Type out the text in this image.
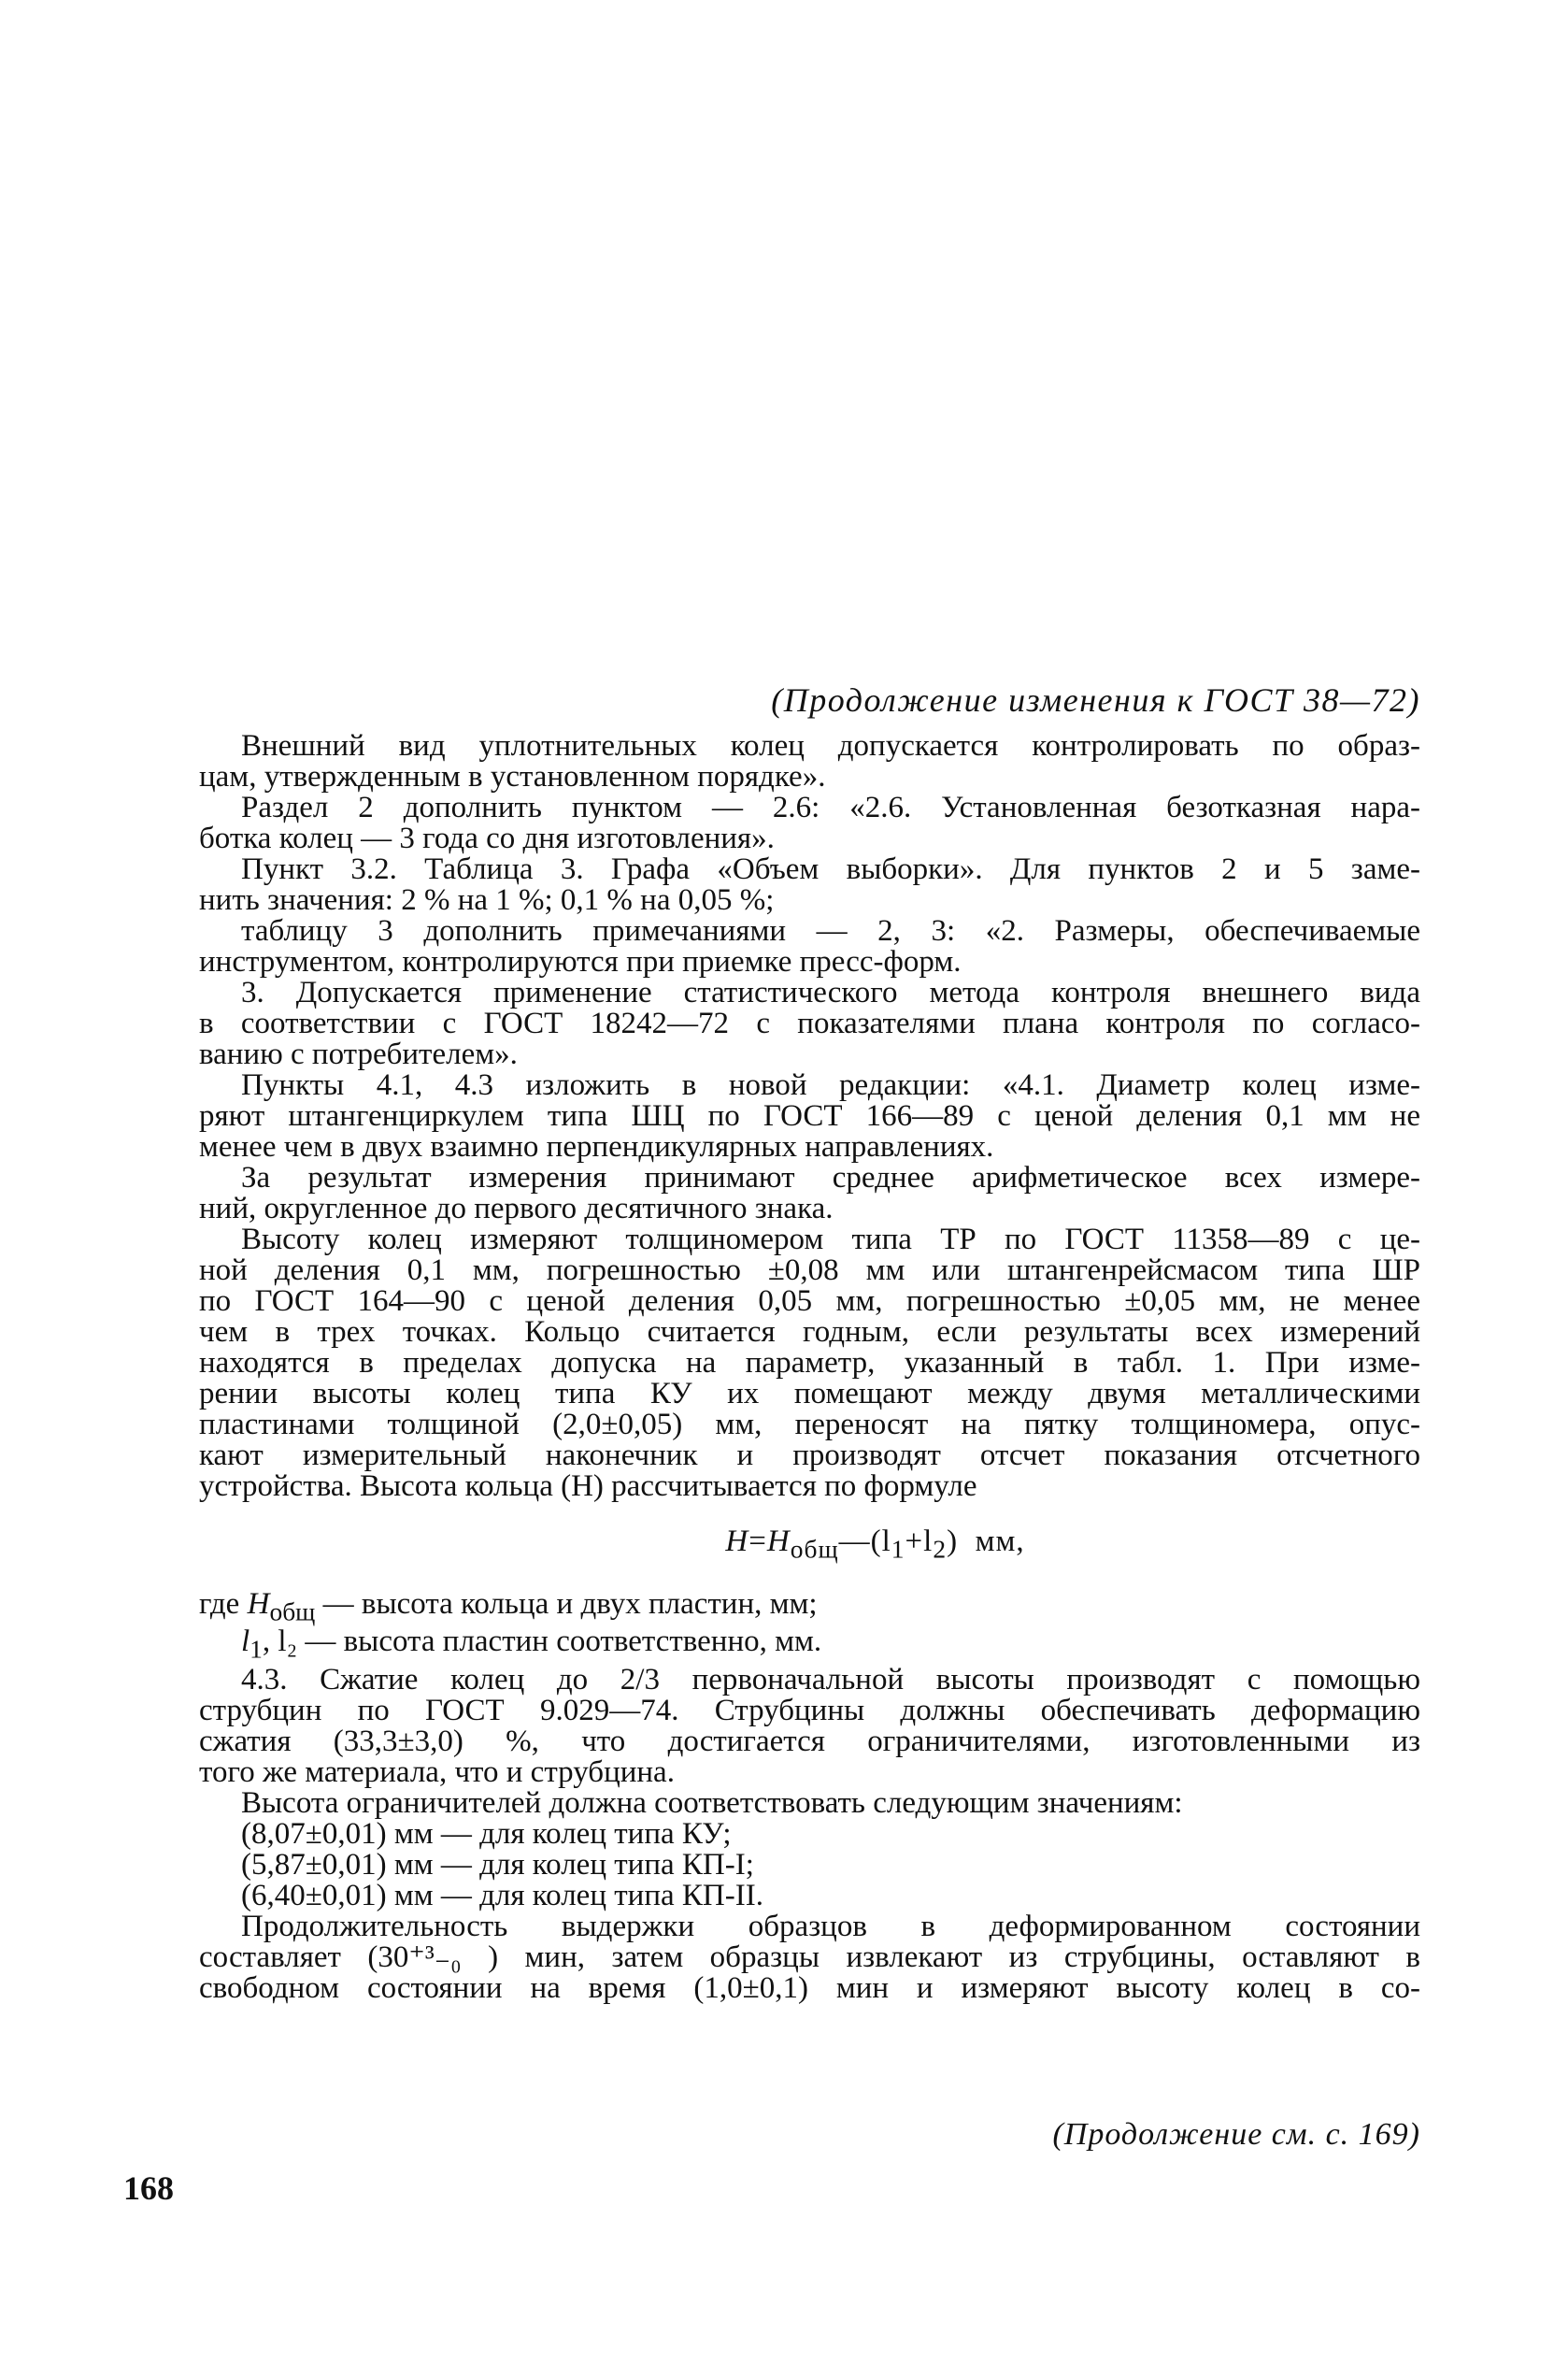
(Продолжение изменения к ГОСТ 38—72)
Внешний вид уплотнительных колец допускается контролировать по образ-
цам, утвержденным в установленном порядке».
Раздел 2 дополнить пунктом — 2.6: «2.6. Установленная безотказная нара-
ботка колец — 3 года со дня изготовления».
Пункт 3.2. Таблица 3. Графа «Объем выборки». Для пунктов 2 и 5 заме-
нить значения: 2 % на 1 %; 0,1 % на 0,05 %;
таблицу 3 дополнить примечаниями — 2, 3: «2. Размеры, обеспечиваемые
инструментом, контролируются при приемке пресс-форм.
3. Допускается применение статистического метода контроля внешнего вида
в соответствии с ГОСТ 18242—72 с показателями плана контроля по согласо-
ванию с потребителем».
Пункты 4.1, 4.3 изложить в новой редакции: «4.1. Диаметр колец изме-
ряют штангенциркулем типа ШЦ по ГОСТ 166—89 с ценой деления 0,1 мм не
менее чем в двух взаимно перпендикулярных направлениях.
За результат измерения принимают среднее арифметическое всех измере-
ний, округленное до первого десятичного знака.
Высоту колец измеряют толщиномером типа ТР по ГОСТ 11358—89 с це-
ной деления 0,1 мм, погрешностью ±0,08 мм или штангенрейсмасом типа ШР
по ГОСТ 164—90 с ценой деления 0,05 мм, погрешностью ±0,05 мм, не менее
чем в трех точках. Кольцо считается годным, если результаты всех измерений
находятся в пределах допуска на параметр, указанный в табл. 1. При изме-
рении высоты колец типа КУ их помещают между двумя металлическими
пластинами толщиной (2,0±0,05) мм, переносят на пятку толщиномера, опус-
кают измерительный наконечник и производят отсчет показания отсчетного
устройства. Высота кольца (H) рассчитывается по формуле
$H=H_{общ}—(l_1+l_2)$ мм,
где $H_{общ}$ — высота кольца и двух пластин, мм;
$l_1$, l₂ — высота пластин соответственно, мм.
4.3. Сжатие колец до 2/3 первоначальной высоты производят с помощью
струбцин по ГОСТ 9.029—74. Струбцины должны обеспечивать деформацию
сжатия (33,3±3,0) %, что достигается ограничителями, изготовленными из
того же материала, что и струбцина.
Высота ограничителей должна соответствовать следующим значениям:
(8,07±0,01) мм — для колец типа КУ;
(5,87±0,01) мм — для колец типа КП-I;
(6,40±0,01) мм — для колец типа КП-II.
Продолжительность выдержки образцов в деформированном состоянии
составляет (30⁺³₋₀ ) мин, затем образцы извлекают из струбцины, оставляют в
свободном состоянии на время (1,0±0,1) мин и измеряют высоту колец в со-
(Продолжение см. с. 169)
168
